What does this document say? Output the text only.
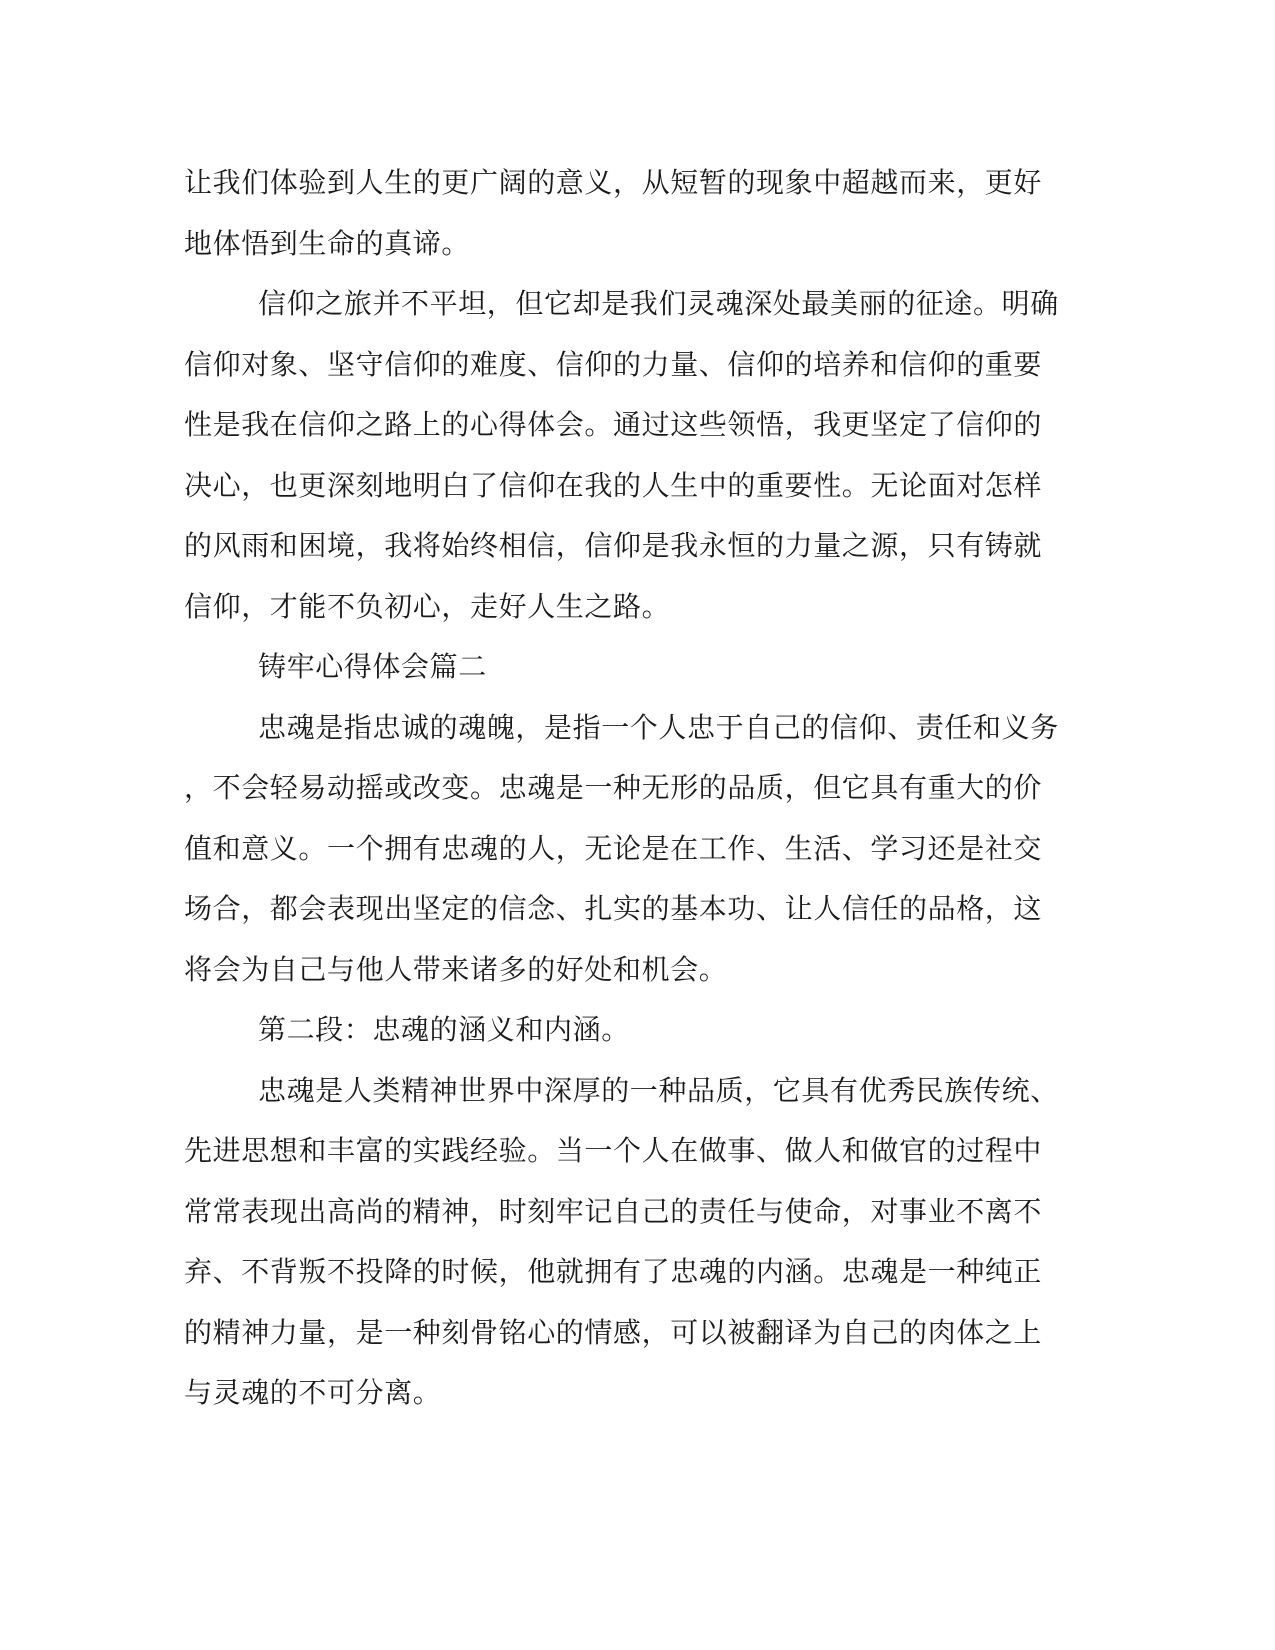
让我们体验到人生的更广阔的意义，从短暂的现象中超越而来，更好
地体悟到生命的真谛。
信仰之旅并不平坦，但它却是我们灵魂深处最美丽的征途。明确
信仰对象、坚守信仰的难度、信仰的力量、信仰的培养和信仰的重要
性是我在信仰之路上的心得体会。通过这些领悟，我更坚定了信仰的
决心，也更深刻地明白了信仰在我的人生中的重要性。无论面对怎样
的风雨和困境，我将始终相信，信仰是我永恒的力量之源，只有铸就
信仰，才能不负初心，走好人生之路。
铸牢心得体会篇二
忠魂是指忠诚的魂魄，是指一个人忠于自己的信仰、责任和义务
，不会轻易动摇或改变。忠魂是一种无形的品质，但它具有重大的价
值和意义。一个拥有忠魂的人，无论是在工作、生活、学习还是社交
场合，都会表现出坚定的信念、扎实的基本功、让人信任的品格，这
将会为自己与他人带来诸多的好处和机会。
第二段：忠魂的涵义和内涵。
忠魂是人类精神世界中深厚的一种品质，它具有优秀民族传统、
先进思想和丰富的实践经验。当一个人在做事、做人和做官的过程中
常常表现出高尚的精神，时刻牢记自己的责任与使命，对事业不离不
弃、不背叛不投降的时候，他就拥有了忠魂的内涵。忠魂是一种纯正
的精神力量，是一种刻骨铭心的情感，可以被翻译为自己的肉体之上
与灵魂的不可分离。
